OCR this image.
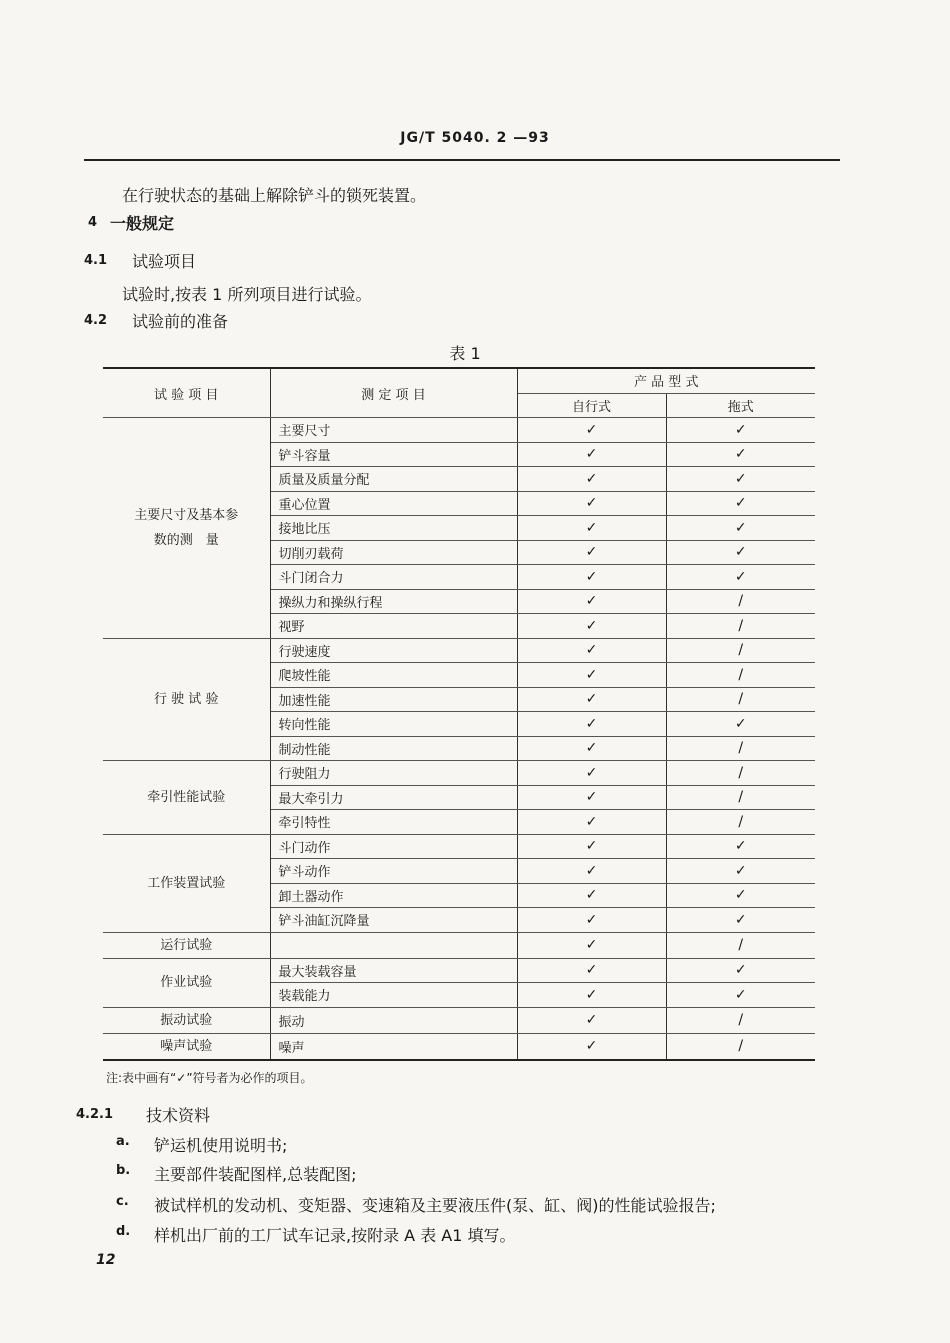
JG/T 5040. 2 —93
在行驶状态的基础上解除铲斗的锁死装置。
4 一般规定
4.1 试验项目
试验时,按表 1 所列项目进行试验。
4.2 试验前的准备
表 1
试 验 项 目	测 定 项 目	产 品 型 式	
		自行式	拖式
主要尺寸及基本参数的测　量	主要尺寸	✓	✓
	铲斗容量	✓	✓
	质量及质量分配	✓	✓
	重心位置	✓	✓
	接地比压	✓	✓
	切削刃载荷	✓	✓
	斗门闭合力	✓	✓
	操纵力和操纵行程	✓	/
	视野	✓	/
行 驶 试 验	行驶速度	✓	/
	爬坡性能	✓	/
	加速性能	✓	/
	转向性能	✓	✓
	制动性能	✓	/
牵引性能试验	行驶阻力	✓	/
	最大牵引力	✓	/
	牵引特性	✓	/
工作装置试验	斗门动作	✓	✓
	铲斗动作	✓	✓
	卸土器动作	✓	✓
	铲斗油缸沉降量	✓	✓
运行试验		✓	/
作业试验	最大装载容量	✓	✓
	装载能力	✓	✓
振动试验	振动	✓	/
噪声试验	噪声	✓	/
注:表中画有“✓”符号者为必作的项目。
4.2.1 技术资料
a. 铲运机使用说明书;
b. 主要部件装配图样,总装配图;
c. 被试样机的发动机、变矩器、变速箱及主要液压件(泵、缸、阀)的性能试验报告;
d. 样机出厂前的工厂试车记录,按附录 A 表 A1 填写。
12
